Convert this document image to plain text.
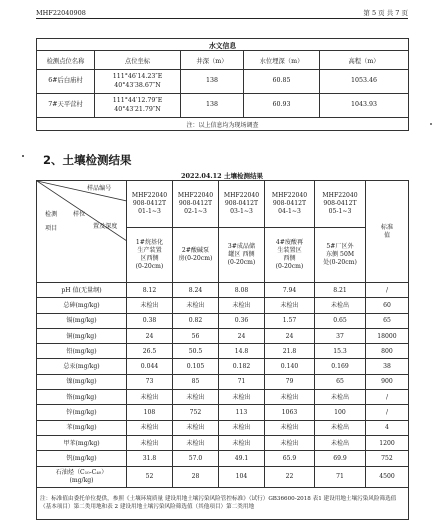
MHF22040908	第 5 页 共 7 页
水文信息				
检测点位名称	点位坐标	井深（m）	水位埋深（m）	高程（m）
6#后白庙村	111°46′14.23″E
40°43′38.67″N	138	60.85	1053.46
7#天平营村	111°44′12.79″E
40°43′21.79″N	138	60.93	1043.93
注：以上信息均为现场调查				
2、土壤检测结果
2022.04.12 土壤检测结果
样品编号
样位
置及深度
检测
项目	MHF22040
908-0412T
01-1~3	MHF22040
908-0412T
02-1~3	MHF22040
908-0412T
03-1~3	MHF22040
908-0412T
04-1~3	MHF22040
908-0412T
05-1~3	标准
值
	1#烷基化
生产装置
区西侧
(0-20cm)	2#酸碱泵
房(0-20cm)	3#成品储
罐区 西侧
(0-20cm)	4#废酸再
生装置区
西侧
(0-20cm)	5#厂区外
东侧 50M
处(0-20cm)	
pH 值(无量纲)	8.12	8.24	8.08	7.94	8.21	/
总砷(mg/kg)	未检出	未检出	未检出	未检出	未检出	60
镉(mg/kg)	0.38	0.82	0.36	1.57	0.65	65
铜(mg/kg)	24	56	24	24	37	18000
铅(mg/kg)	26.5	50.5	14.8	21.8	15.3	800
总汞(mg/kg)	0.044	0.105	0.182	0.140	0.169	38
镍(mg/kg)	73	85	71	79	65	900
铬(mg/kg)	未检出	未检出	未检出	未检出	未检出	/
锌(mg/kg)	108	752	113	1063	100	/
苯(mg/kg)	未检出	未检出	未检出	未检出	未检出	4
甲苯(mg/kg)	未检出	未检出	未检出	未检出	未检出	1200
钒(mg/kg)	31.8	57.0	49.1	65.9	69.9	752
石油烃（C₁₀-C₄₀）
(mg/kg)	52	28	104	22	71	4500
注：标准值由委托单位提供，参照《土壤环境质量 建设用地土壤污染风险管控标准》（试行）GB36600-2018 表1 建设用地土壤污染风险筛选值（基本项目）第二类用地和表 2 建设用地土壤污染风险筛选值（其他项目）第二类用地						
